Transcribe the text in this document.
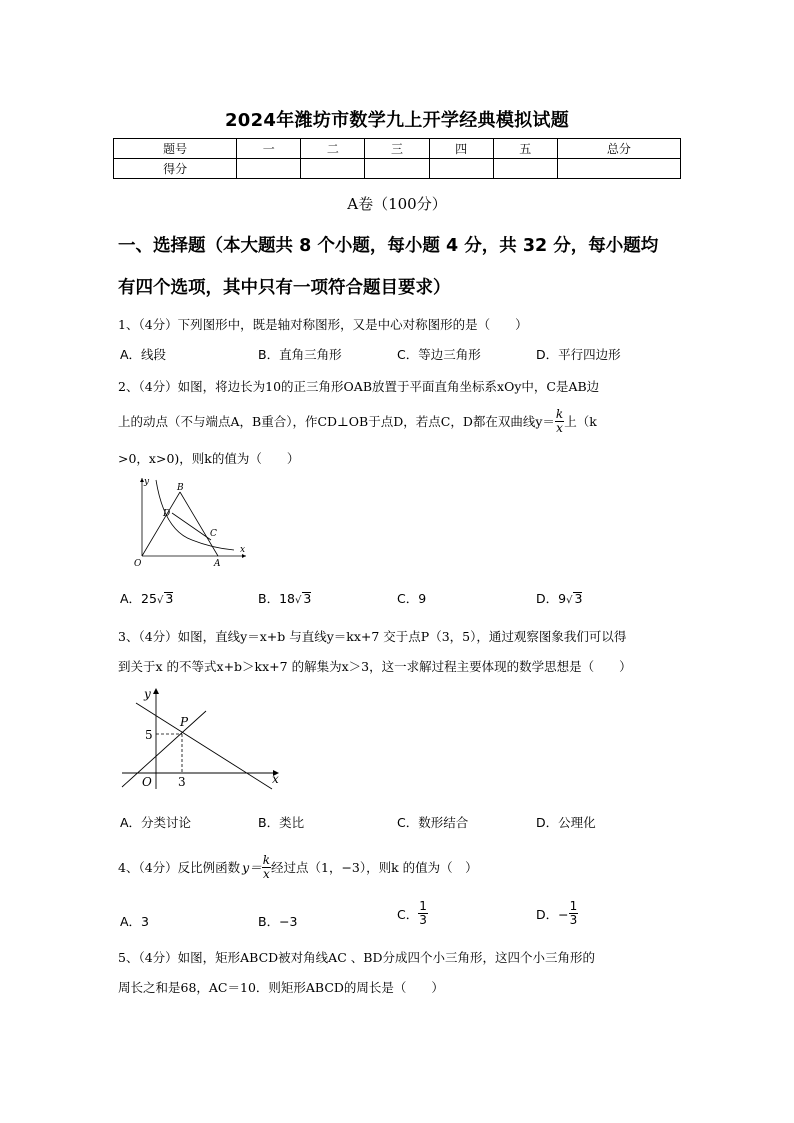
2024年潍坊市数学九上开学经典模拟试题
题号	一	二	三	四	五	总分
得分						
A卷（100分）
一、选择题（本大题共 8 个小题，每小题 4 分，共 32 分，每小题均
有四个选项，其中只有一项符合题目要求）
1、（4分）下列图形中，既是轴对称图形，又是中心对称图形的是（　　）
A．线段	B．直角三角形	C．等边三角形	D．平行四边形
2、（4分）如图，将边长为10的正三角形OAB放置于平面直角坐标系xOy中，C是AB边
上的动点（不与端点A，B重合），作CD⊥OB于点D，若点C，D都在双曲线$y= \frac{k}{x}$ 上（k
>0，x>0)，则k的值为（　　）
y
x
O	A
B
C
D
A．25√ 3	B．18√ 3	C．9	D．9√ 3
3、（4分）如图，直线y＝x+b 与直线y＝kx+7 交于点P（3，5），通过观察图象我们可以得
到关于x 的不等式x+b＞kx+7 的解集为x＞3，这一求解过程主要体现的数学思想是（　　）
y
x
O
P
5
3
A．分类讨论	B．类比	C．数形结合	D．公理化
4、（4分）反比例函数 $y= \frac{k}{x}$ 经过点（1，−3），则k 的值为（　）
A．3	B．−3	C． $\frac{1}{3}$	D．− $\frac{1}{3}$
5、（4分）如图，矩形ABCD被对角线AC 、BD分成四个小三角形，这四个小三角形的
周长之和是68，AC＝10．则矩形ABCD的周长是（　　）
